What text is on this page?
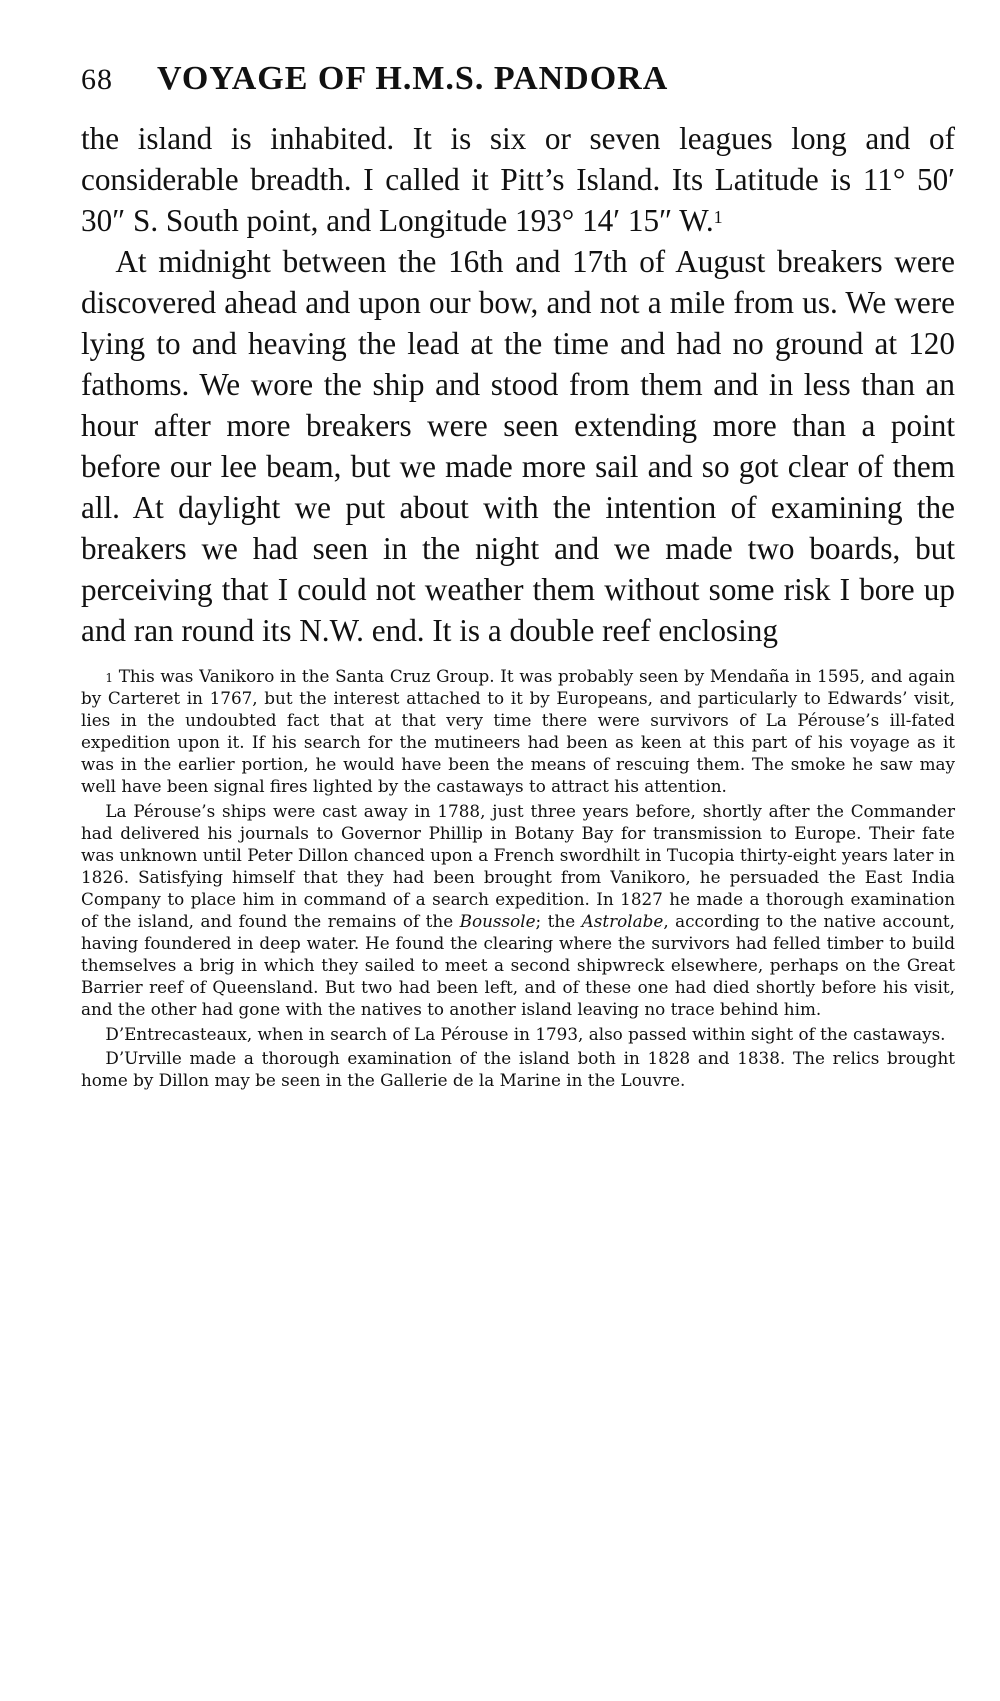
68	VOYAGE OF H.M.S. PANDORA

the island is inhabited. It is six or seven leagues long and of considerable breadth. I called it Pitt’s Island. Its Latitude is 11° 50′ 30″ S. South point, and Longitude 193° 14′ 15″ W.$^1$

At midnight between the 16th and 17th of August breakers were discovered ahead and upon our bow, and not a mile from us. We were lying to and heaving the lead at the time and had no ground at 120 fathoms. We wore the ship and stood from them and in less than an hour after more breakers were seen extending more than a point before our lee beam, but we made more sail and so got clear of them all. At daylight we put about with the intention of examining the breakers we had seen in the night and we made two boards, but perceiving that I could not weather them without some risk I bore up and ran round its N.W. end. It is a double reef enclosing

$^1$ This was Vanikoro in the Santa Cruz Group. It was probably seen by Mendaña in 1595, and again by Carteret in 1767, but the interest attached to it by Europeans, and particularly to Edwards’ visit, lies in the undoubted fact that at that very time there were survivors of La Pérouse’s ill-fated expedition upon it. If his search for the mutineers had been as keen at this part of his voyage as it was in the earlier portion, he would have been the means of rescuing them. The smoke he saw may well have been signal fires lighted by the castaways to attract his attention.

La Pérouse’s ships were cast away in 1788, just three years before, shortly after the Commander had delivered his journals to Governor Phillip in Botany Bay for transmission to Europe. Their fate was unknown until Peter Dillon chanced upon a French swordhilt in Tucopia thirty-eight years later in 1826. Satisfying himself that they had been brought from Vanikoro, he persuaded the East India Company to place him in command of a search expedition. In 1827 he made a thorough examination of the island, and found the remains of the Boussole; the Astrolabe, according to the native account, having foundered in deep water. He found the clearing where the survivors had felled timber to build themselves a brig in which they sailed to meet a second shipwreck elsewhere, perhaps on the Great Barrier reef of Queensland. But two had been left, and of these one had died shortly before his visit, and the other had gone with the natives to another island leaving no trace behind him.

D’Entrecasteaux, when in search of La Pérouse in 1793, also passed within sight of the castaways.

D’Urville made a thorough examination of the island both in 1828 and 1838. The relics brought home by Dillon may be seen in the Gallerie de la Marine in the Louvre.
